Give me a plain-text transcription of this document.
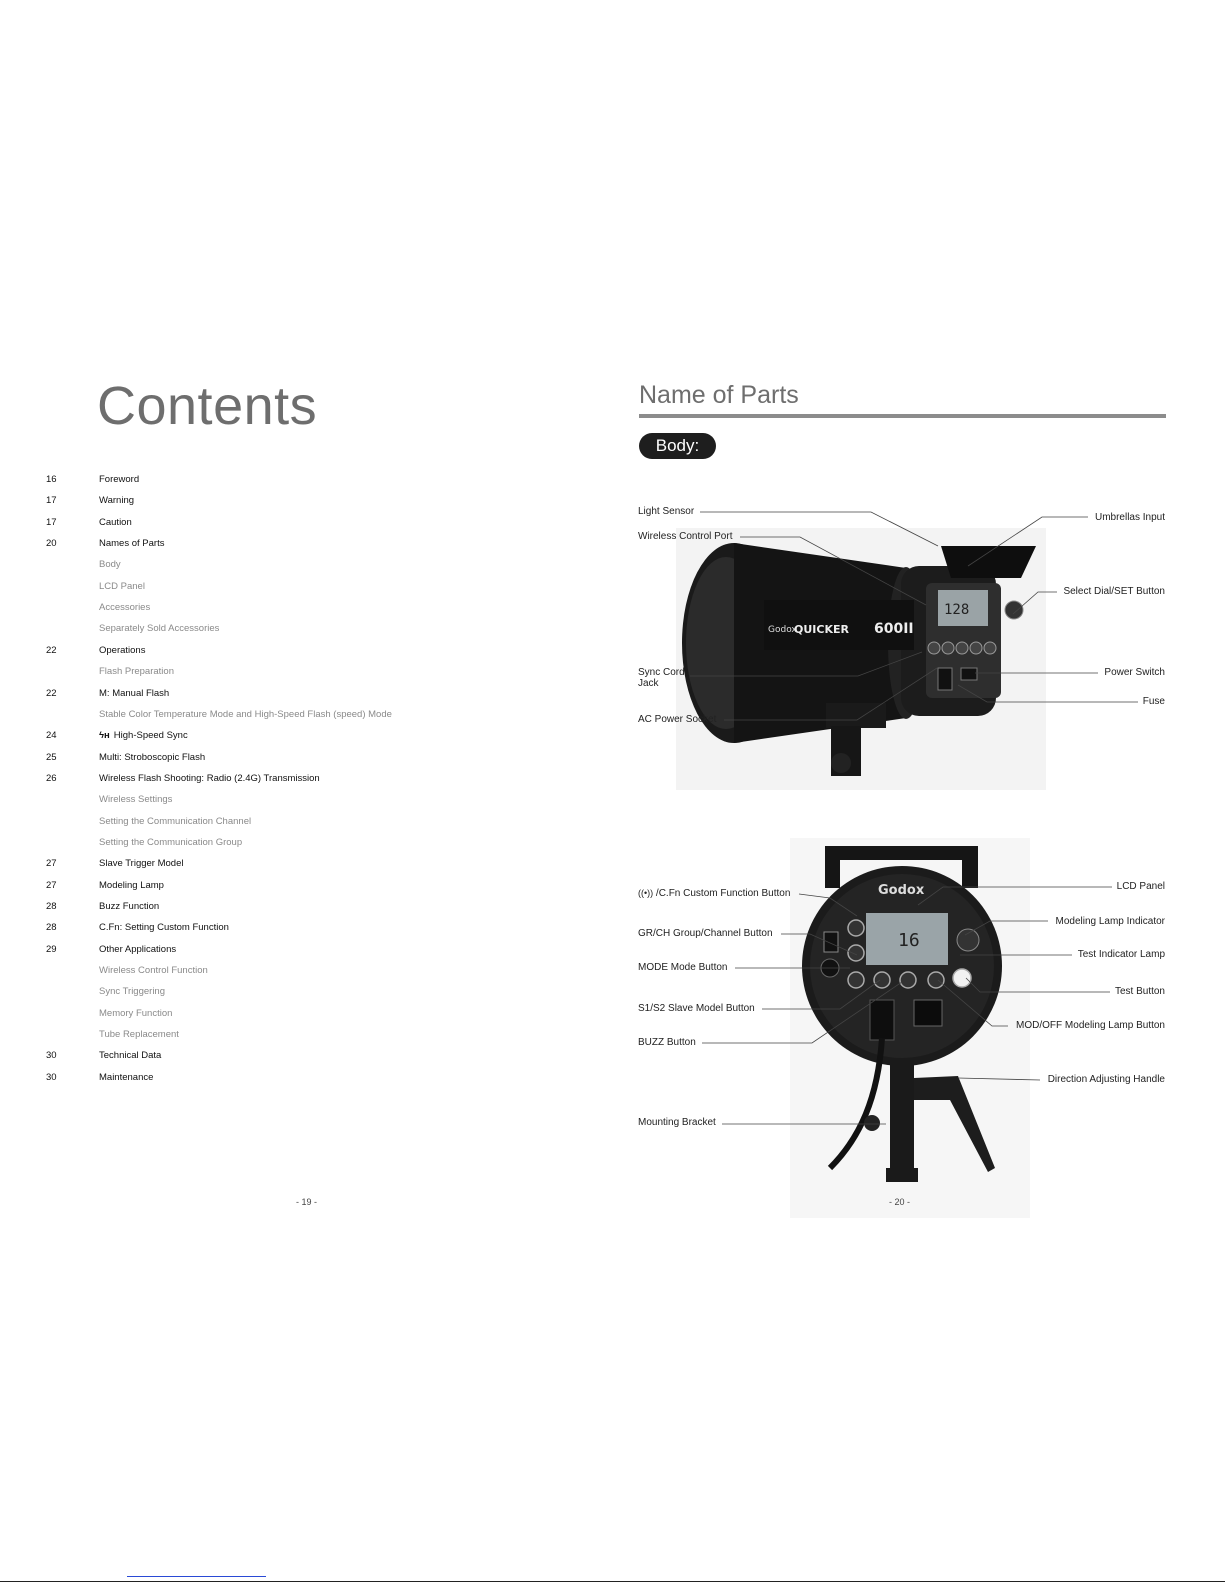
Contents
16	Foreword
17	Warning
17	Caution
20	Names of Parts
Body
LCD Panel
Accessories
Separately Sold Accessories
22	Operations
Flash Preparation
22	M: Manual Flash
Stable Color Temperature Mode and High-Speed Flash (speed) Mode
24	ϟʜ High-Speed Sync
25	Multi: Stroboscopic Flash
26	Wireless Flash Shooting: Radio (2.4G) Transmission
Wireless Settings
Setting the Communication Channel
Setting the Communication Group
27	Slave Trigger Model
27	Modeling Lamp
28	Buzz Function
28	C.Fn: Setting Custom Function
29	Other Applications
Wireless Control Function
Sync Triggering
Memory Function
Tube Replacement
30	Technical Data
30	Maintenance
- 19 -
Name of Parts
Body:
Godox
QUICKER 600II
128
Godox
16
Light Sensor
Wireless Control Port
Sync Cord Jack
AC Power Socket
Umbrellas Input
Select Dial/SET Button
Power Switch
Fuse
((•)) /C.Fn Custom Function Button
GR/CH Group/Channel Button
MODE Mode Button
S1/S2 Slave Model Button
BUZZ Button
Mounting Bracket
LCD Panel
Modeling Lamp Indicator
Test Indicator Lamp
Test Button
MOD/OFF Modeling Lamp Button
Direction Adjusting Handle
- 20 -
